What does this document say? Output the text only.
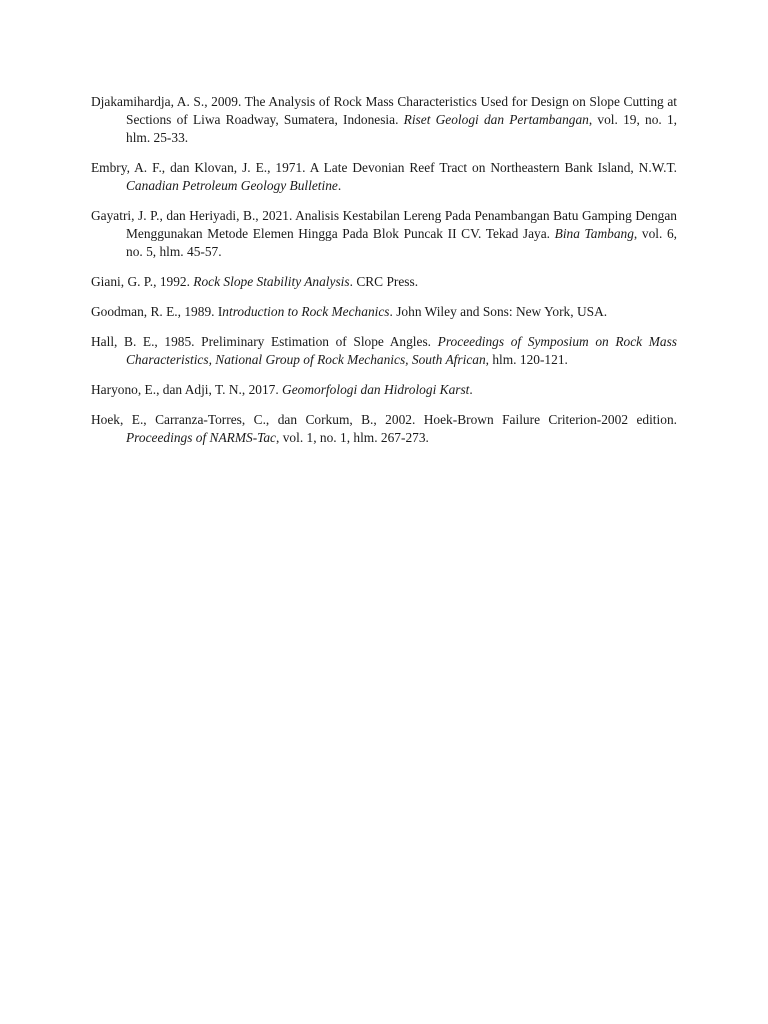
Djakamihardja, A. S., 2009. The Analysis of Rock Mass Characteristics Used for Design on Slope Cutting at Sections of Liwa Roadway, Sumatera, Indonesia. Riset Geologi dan Pertambangan, vol. 19, no. 1, hlm. 25-33.

Embry, A. F., dan Klovan, J. E., 1971. A Late Devonian Reef Tract on Northeastern Bank Island, N.W.T. Canadian Petroleum Geology Bulletine.

Gayatri, J. P., dan Heriyadi, B., 2021. Analisis Kestabilan Lereng Pada Penambangan Batu Gamping Dengan Menggunakan Metode Elemen Hingga Pada Blok Puncak II CV. Tekad Jaya. Bina Tambang, vol. 6, no. 5, hlm. 45-57.

Giani, G. P., 1992. Rock Slope Stability Analysis. CRC Press.

Goodman, R. E., 1989. Introduction to Rock Mechanics. John Wiley and Sons: New York, USA.

Hall, B. E., 1985. Preliminary Estimation of Slope Angles. Proceedings of Symposium on Rock Mass Characteristics, National Group of Rock Mechanics, South African, hlm. 120-121.

Haryono, E., dan Adji, T. N., 2017. Geomorfologi dan Hidrologi Karst.

Hoek, E., Carranza-Torres, C., dan Corkum, B., 2002. Hoek-Brown Failure Criterion-2002 edition. Proceedings of NARMS-Tac, vol. 1, no. 1, hlm. 267-273.
